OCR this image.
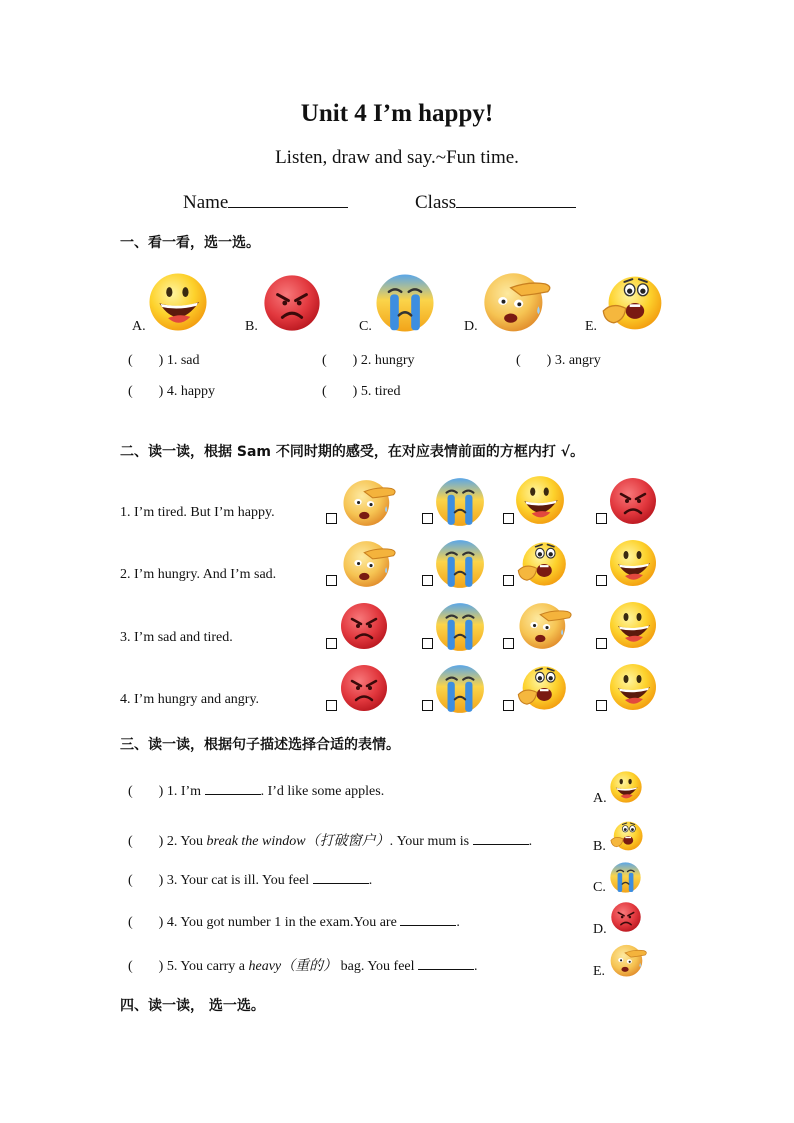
Unit 4 I’m happy!
Listen, draw and say.~Fun time.
Name	Class
一、看一看，选一选。
A.	B.	C.	D.	E.
( ) 1. sad	( ) 2. hungry	( ) 3. angry
( ) 4. happy	( ) 5. tired
二、读一读，根据 Sam 不同时期的感受，在对应表情前面的方框内打 √。
1. I’m tired. But I’m happy.
2. I’m hungry. And I’m sad.
3. I’m sad and tired.
4. I’m hungry and angry.
三、读一读，根据句子描述选择合适的表情。
( ) 1. I’m	. I’d like some apples.
( ) 2. You break the window（打破窗户）. Your mum is	.
( ) 3. Your cat is ill. You feel	.
( ) 4. You got number 1 in the exam.You are	.
( ) 5. You carry a heavy（重的） bag. You feel	.
A.
B.
C.
D.
E.
四、读一读， 选一选。
